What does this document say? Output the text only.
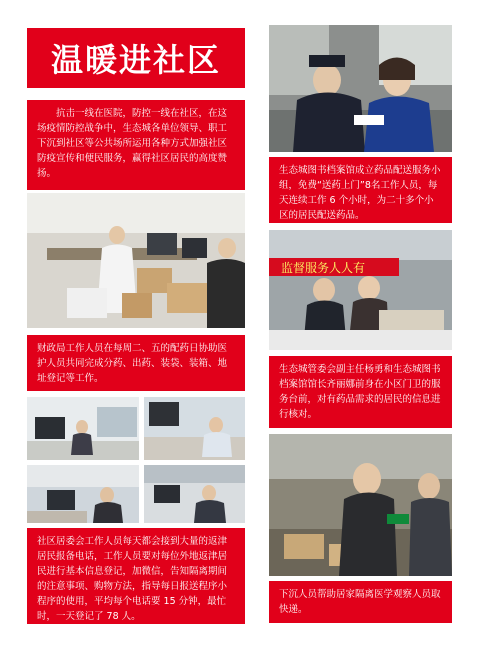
温暖进社区
抗击一线在医院，防控一线在社区，在这场疫情防控战争中，生态城各单位领导、职工下沉到社区等公共场所运用各种方式加强社区防疫宣传和便民服务，赢得社区居民的高度赞扬。	生态城图书档案馆成立药品配送服务小组，免费“送药上门”8名工作人员，每天连续工作 6 个小时，为二十多个小区的居民配送药品。
监督服务人人有
财政局工作人员在每周二、五的配药日协助医护人员共同完成分药、出药、装袋、装箱、地址登记等工作。
生态城管委会副主任杨勇和生态城图书档案馆馆长齐丽娜前身在小区门卫的服务台前，对有药品需求的居民的信息进行核对。
社区居委会工作人员每天都会接到大量的返津居民报备电话，工作人员要对每位外地返津居民进行基本信息登记，加微信，告知隔离期间的注意事项、购物方法，指导每日报送程序小程序的使用，平均每个电话要 15 分钟，最忙时，一天登记了 78 人。
下沉人员帮助居家隔离医学观察人员取快递。
